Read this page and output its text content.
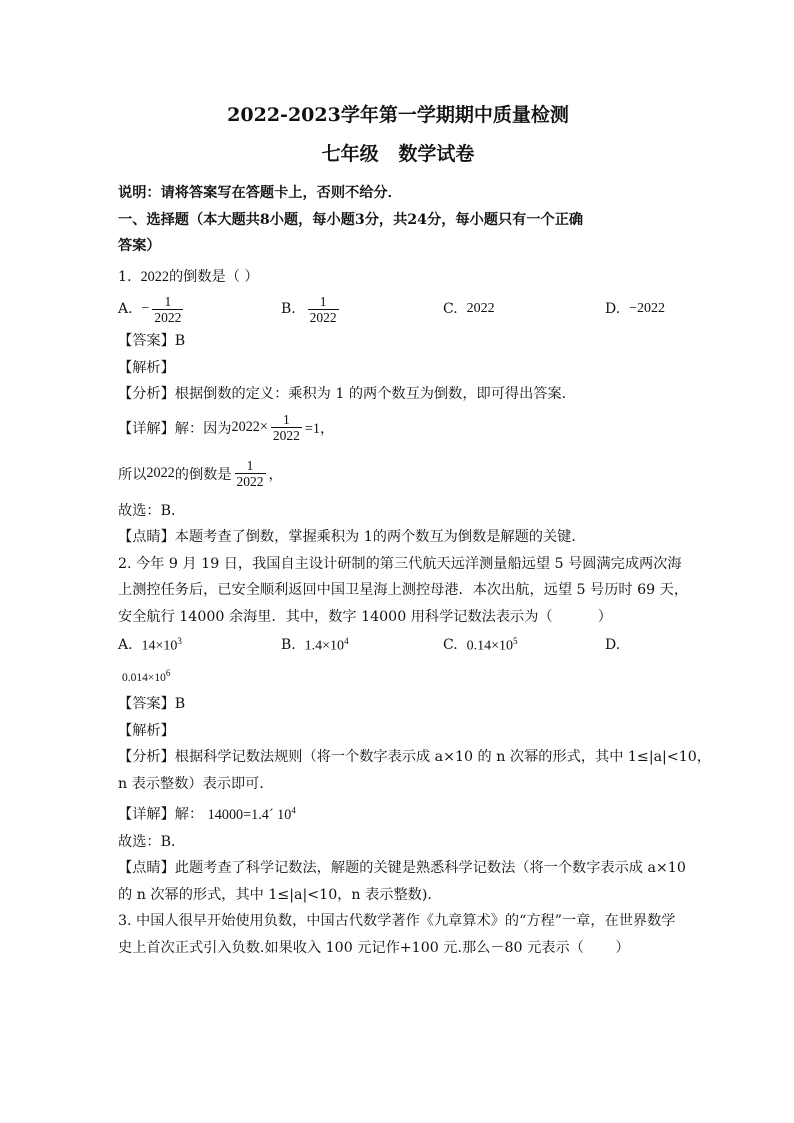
2022-2023学年第一学期期中质量检测

七年级   数学试卷

说明：请将答案写在答题卡上，否则不给分．
一、选择题（本大题共8小题，每小题3分，共24分，每小题只有一个正确
答案）
1. 2022的倒数是（ ）
A.
− $\frac{1}{2022}$	B.
$\frac{1}{2022}$	C.
2022	D.
−2022
【答案】B
【解析】
【分析】根据倒数的定义：乘积为 1 的两个数互为倒数，即可得出答案．
【详解】解：因为 $2022\times \frac{1}{2022} =1$，
所以 2022 的倒数是 $\frac{1}{2022}$ ，
故选：B．
【点睛】本题考查了倒数，掌握乘积为 1的两个数互为倒数是解题的关键．
2. 今年 9 月 19 日，我国自主设计研制的第三代航天远洋测量船远望 5 号圆满完成两次海
上测控任务后，已安全顺利返回中国卫星海上测控母港．本次出航，远望 5 号历时 69 天，
安全航行 14000 余海里．其中，数字 14000 用科学记数法表示为（          ）
A.
$14\times 10^3$	B.
$1.4\times 10^4$	C.
$0.14\times 10^5$	D.
$0.014\times 10^6$
【答案】B
【解析】
【分析】根据科学记数法规则（将一个数字表示成 a×10 的 n 次幂的形式，其中 1≤|a|<10，
n 表示整数）表示即可．
【详解】解： 14000=1.4´ $10^4$
故选：B．
【点睛】此题考查了科学记数法，解题的关键是熟悉科学记数法（将一个数字表示成 a×10
的 n 次幂的形式，其中 1≤|a|<10，n 表示整数)．
3. 中国人很早开始使用负数，中国古代数学著作《九章算术》的“方程”一章，在世界数学
史上首次正式引入负数.如果收入 100 元记作+100 元.那么－80 元表示（       ）
